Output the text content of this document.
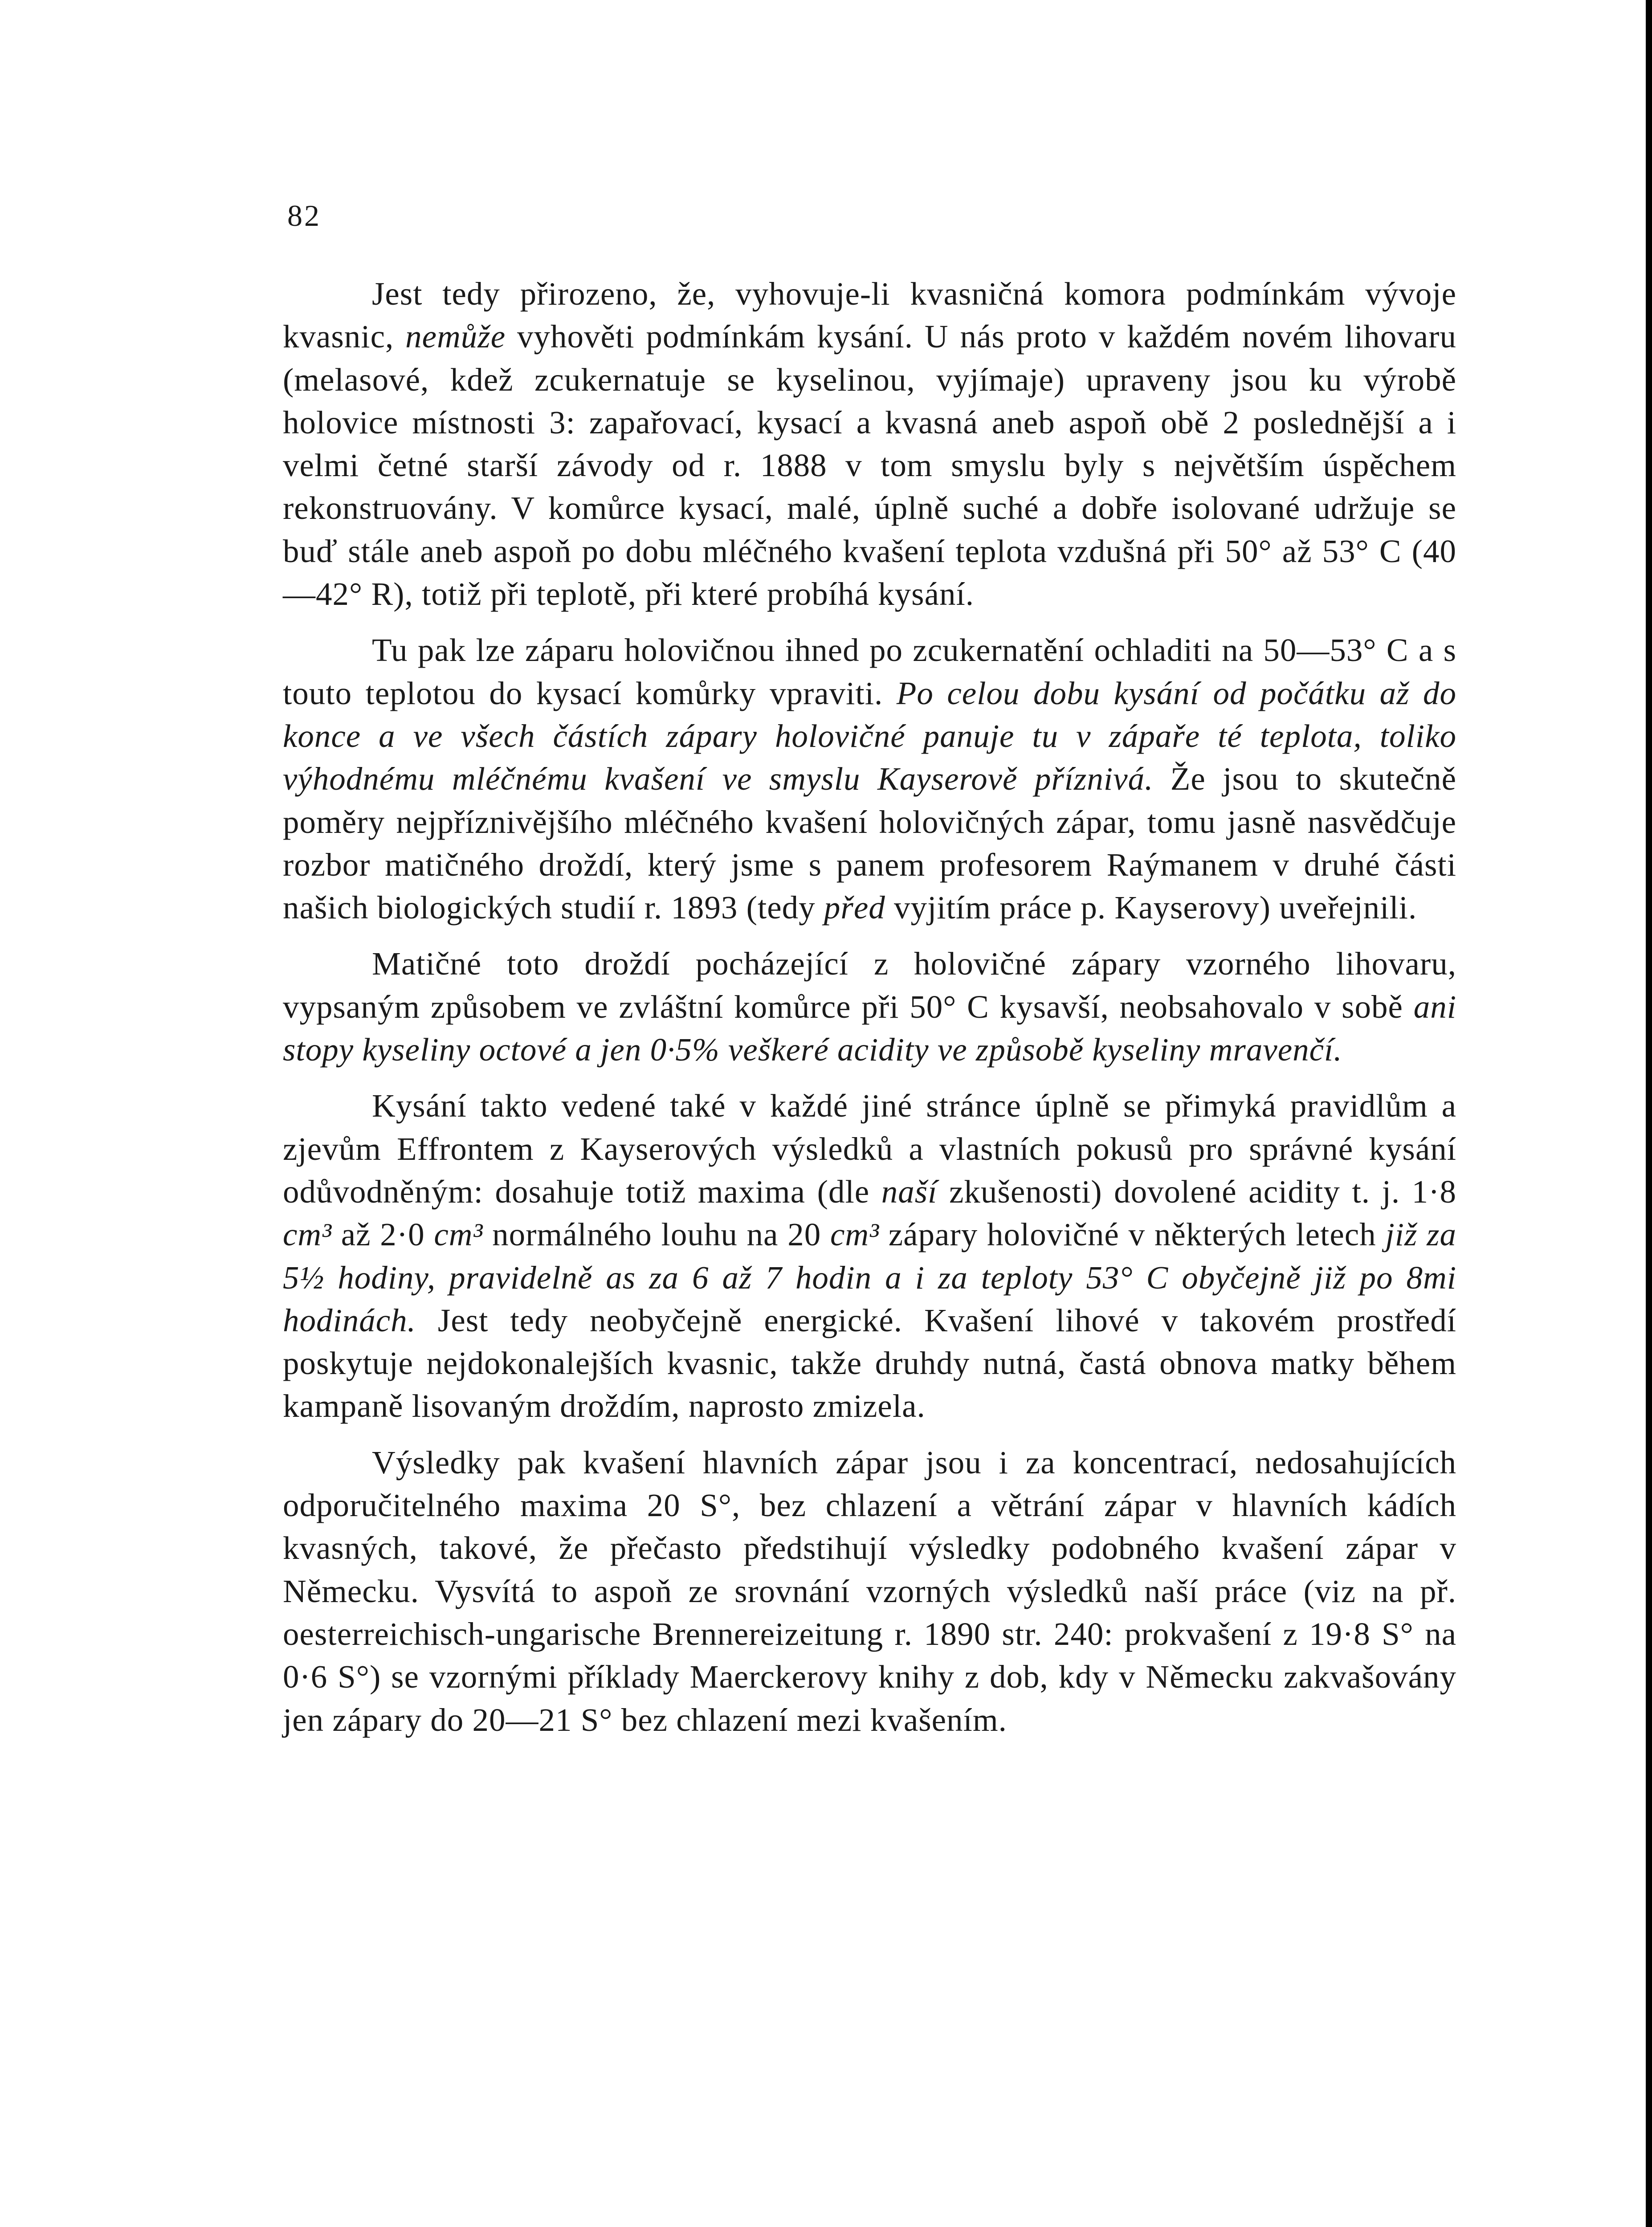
82

Jest tedy přirozeno, že, vyhovuje-li kvasničná komora podmínkám vývoje kvasnic, nemůže vyhověti podmínkám kysání. U nás proto v každém novém lihovaru (melasové, kdež zcukernatuje se kyselinou, vyjímaje) upraveny jsou ku výrobě holovice místnosti 3: zapařovací, kysací a kvasná aneb aspoň obě 2 poslednější a i velmi četné starší závody od r. 1888 v tom smyslu byly s největším úspěchem rekonstruovány. V komůrce kysací, malé, úplně suché a dobře isolované udržuje se buď stále aneb aspoň po dobu mléčného kvašení teplota vzdušná při 50° až 53° C (40—42° R), totiž při teplotě, při které probíhá kysání.

Tu pak lze záparu holovičnou ihned po zcukernatění ochladiti na 50—53° C a s touto teplotou do kysací komůrky vpraviti. Po celou dobu kysání od počátku až do konce a ve všech částích zápary holovičné panuje tu v zápaře té teplota, toliko výhodnému mléčnému kvašení ve smyslu Kayserově příznivá. Že jsou to skutečně poměry nejpříznivějšího mléčného kvašení holovičných zápar, tomu jasně nasvědčuje rozbor matičného droždí, který jsme s panem profesorem Raýmanem v druhé části našich biologických studií r. 1893 (tedy před vyjitím práce p. Kayserovy) uveřejnili.

Matičné toto droždí pocházející z holovičné zápary vzorného lihovaru, vypsaným způsobem ve zvláštní komůrce při 50° C kysavší, neobsahovalo v sobě ani stopy kyseliny octové a jen 0·5% veškeré acidity ve způsobě kyseliny mravenčí.

Kysání takto vedené také v každé jiné stránce úplně se přimyká pravidlům a zjevům Effrontem z Kayserových výsledků a vlastních pokusů pro správné kysání odůvodněným: dosahuje totiž maxima (dle naší zkušenosti) dovolené acidity t. j. 1·8 cm³ až 2·0 cm³ normálného louhu na 20 cm³ zápary holovičné v některých letech již za 5½ hodiny, pravidelně as za 6 až 7 hodin a i za teploty 53° C obyčejně již po 8mi hodinách. Jest tedy neobyčejně energické. Kvašení lihové v takovém prostředí poskytuje nejdokonalejších kvasnic, takže druhdy nutná, častá obnova matky během kampaně lisovaným droždím, naprosto zmizela.

Výsledky pak kvašení hlavních zápar jsou i za koncentrací, nedosahujících odporučitelného maxima 20 S°, bez chlazení a větrání zápar v hlavních kádích kvasných, takové, že přečasto předstihují výsledky podobného kvašení zápar v Německu. Vysvítá to aspoň ze srovnání vzorných výsledků naší práce (viz na př. oesterreichisch-ungarische Brennereizeitung r. 1890 str. 240: prokvašení z 19·8 S° na 0·6 S°) se vzornými příklady Maerckerovy knihy z dob, kdy v Německu zakvašovány jen zápary do 20—21 S° bez chlazení mezi kvašením.
